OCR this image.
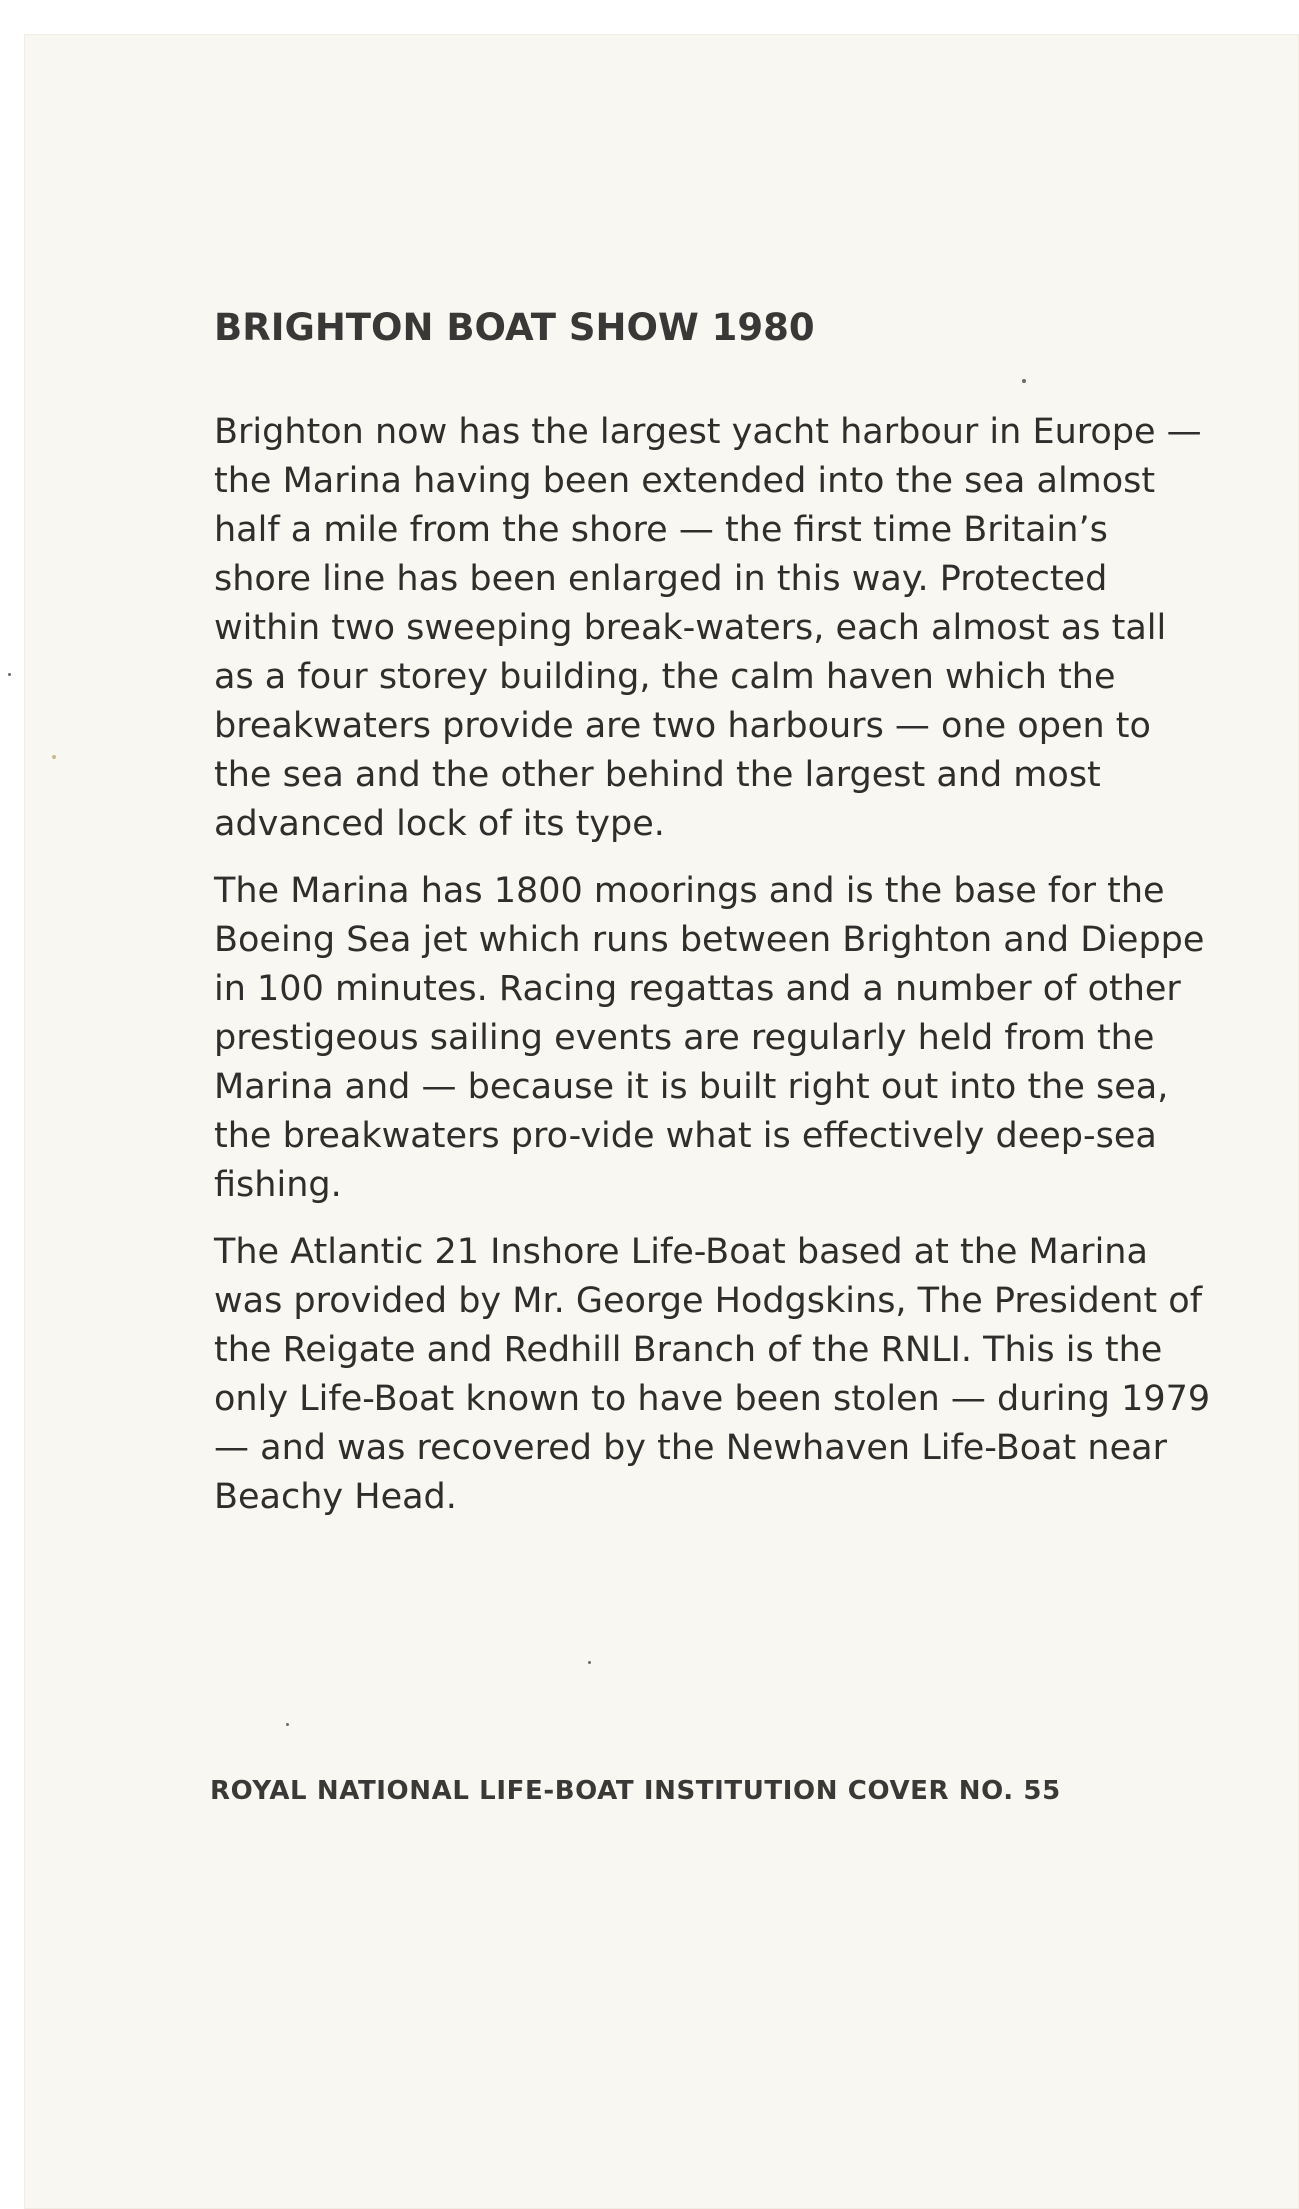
BRIGHTON BOAT SHOW 1980

Brighton now has the largest yacht harbour in Europe — the Marina having been extended into the sea almost half a mile from the shore — the first time Britain’s shore line has been enlarged in this way. Protected within two sweeping break-waters, each almost as tall as a four storey building, the calm haven which the breakwaters provide are two harbours — one open to the sea and the other behind the largest and most advanced lock of its type.

The Marina has 1800 moorings and is the base for the Boeing Sea jet which runs between Brighton and Dieppe in 100 minutes. Racing regattas and a number of other prestigeous sailing events are regularly held from the Marina and — because it is built right out into the sea, the breakwaters pro-vide what is effectively deep-sea fishing.

The Atlantic 21 Inshore Life-Boat based at the Marina was provided by Mr. George Hodgskins, The President of the Reigate and Redhill Branch of the RNLI. This is the only Life-Boat known to have been stolen — during 1979 — and was recovered by the Newhaven Life-Boat near Beachy Head.

ROYAL NATIONAL LIFE-BOAT INSTITUTION COVER NO. 55
